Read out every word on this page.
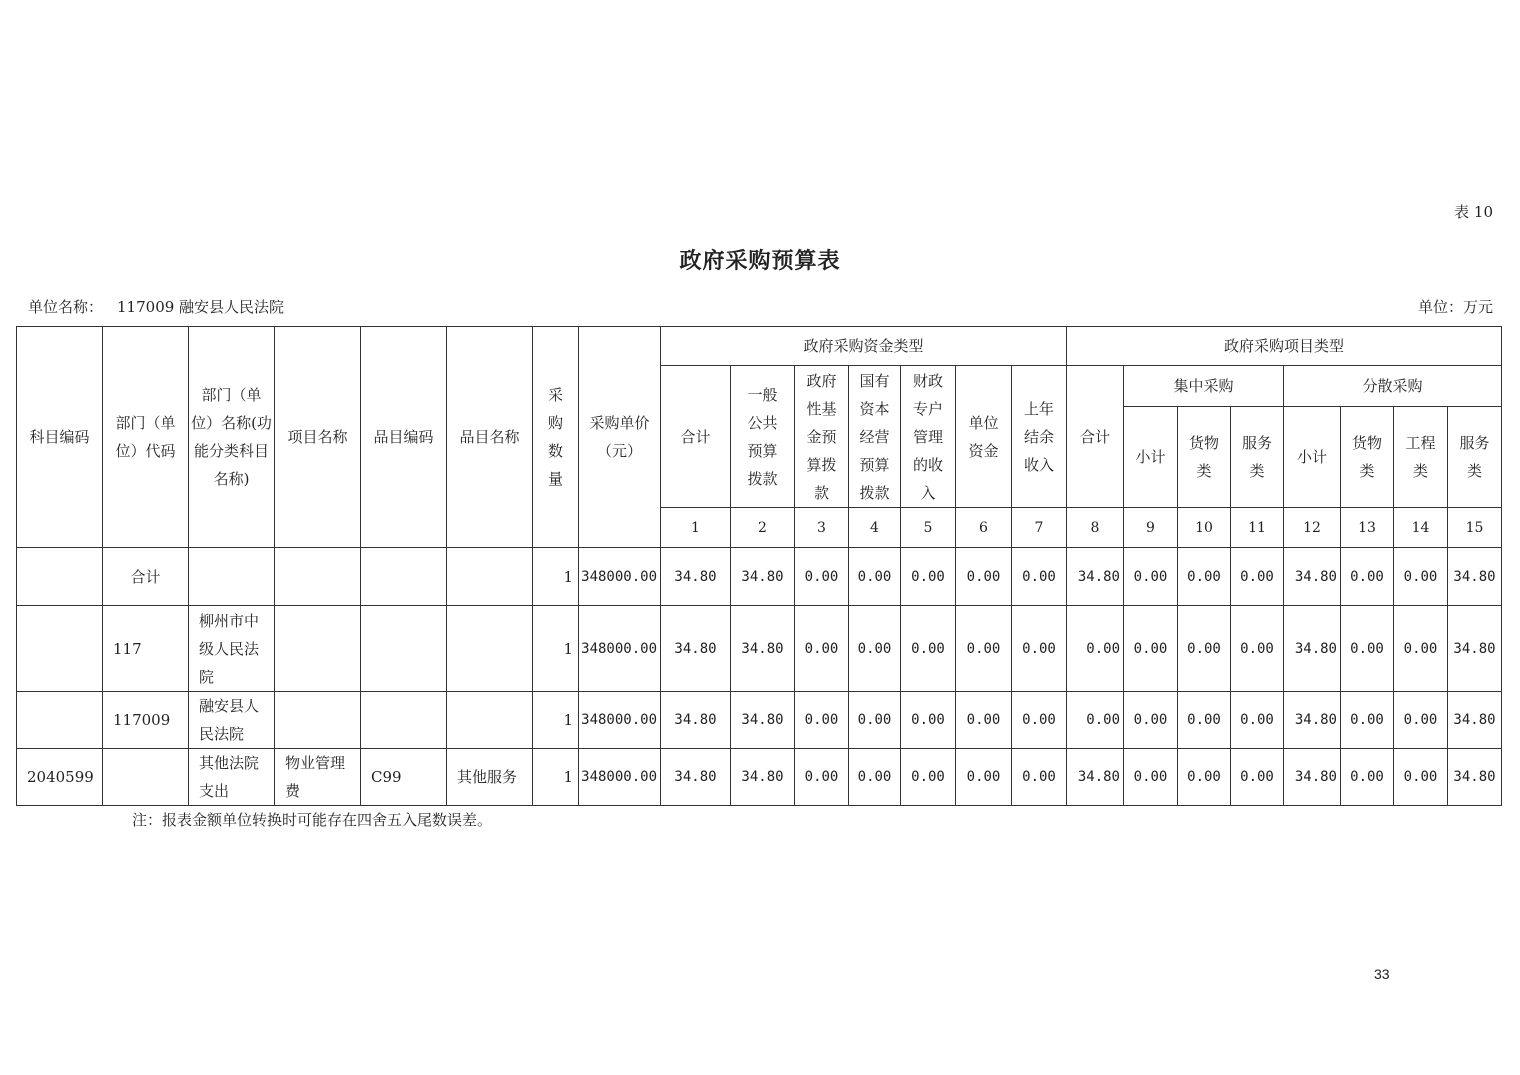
表 10
政府采购预算表
单位名称： 117009 融安县人民法院	单位：万元
科目编码	部门（单位）代码	部门（单位）名称(功能分类科目名称)	项目名称	品目编码	品目名称	采购数量	采购单价（元）	政府采购资金类型							政府采购项目类型							
								合计	一般公共预算拨款	政府性基金预算拨款	国有资本经营预算拨款	财政专户管理的收入	单位资金	上年结余收入	合计	集中采购			分散采购			
																小计	货物类	服务类	小计	货物类	工程类	服务类
								1	2	3	4	5	6	7	8	9	10	11	12	13	14	15
	合计					1	348000.00	34.80	34.80	0.00	0.00	0.00	0.00	0.00	34.80	0.00	0.00	0.00	34.80	0.00	0.00	34.80
	117	柳州市中级人民法院				1	348000.00	34.80	34.80	0.00	0.00	0.00	0.00	0.00	0.00	0.00	0.00	0.00	34.80	0.00	0.00	34.80
	117009	融安县人民法院				1	348000.00	34.80	34.80	0.00	0.00	0.00	0.00	0.00	0.00	0.00	0.00	0.00	34.80	0.00	0.00	34.80
2040599		其他法院支出	物业管理费	C99	其他服务	1	348000.00	34.80	34.80	0.00	0.00	0.00	0.00	0.00	34.80	0.00	0.00	0.00	34.80	0.00	0.00	34.80
注：报表金额单位转换时可能存在四舍五入尾数误差。
33
